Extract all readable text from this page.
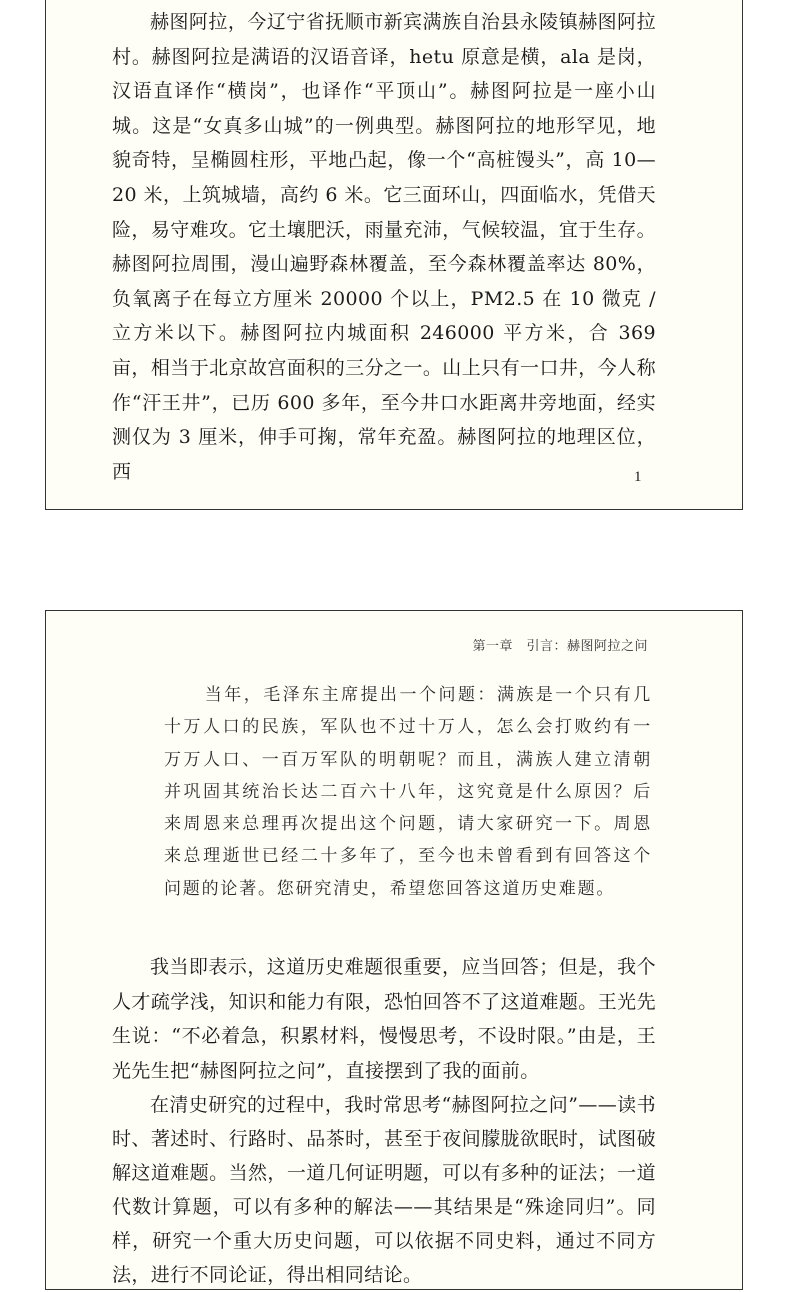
赫图阿拉，今辽宁省抚顺市新宾满族自治县永陵镇赫图阿拉村。赫图阿拉是满语的汉语音译，hetu 原意是横，ala 是岗，汉语直译作“横岗”，也译作“平顶山”。赫图阿拉是一座小山城。这是“女真多山城”的一例典型。赫图阿拉的地形罕见，地貌奇特，呈椭圆柱形，平地凸起，像一个“高桩馒头”，高 10—20 米，上筑城墙，高约 6 米。它三面环山，四面临水，凭借天险，易守难攻。它土壤肥沃，雨量充沛，气候较温，宜于生存。赫图阿拉周围，漫山遍野森林覆盖，至今森林覆盖率达 80%，负氧离子在每立方厘米 20000 个以上，PM2.5 在 10 微克 / 立方米以下。赫图阿拉内城面积 246000 平方米，合 369 亩，相当于北京故宫面积的三分之一。山上只有一口井，今人称作“汗王井”，已历 600 多年，至今井口水距离井旁地面，经实测仅为 3 厘米，伸手可掬，常年充盈。赫图阿拉的地理区位，西	1
第一章　引言：赫图阿拉之问

当年，毛泽东主席提出一个问题：满族是一个只有几十万人口的民族，军队也不过十万人，怎么会打败约有一万万人口、一百万军队的明朝呢？而且，满族人建立清朝并巩固其统治长达二百六十八年，这究竟是什么原因？后来周恩来总理再次提出这个问题，请大家研究一下。周恩来总理逝世已经二十多年了，至今也未曾看到有回答这个问题的论著。您研究清史，希望您回答这道历史难题。

我当即表示，这道历史难题很重要，应当回答；但是，我个人才疏学浅，知识和能力有限，恐怕回答不了这道难题。王光先生说：“不必着急，积累材料，慢慢思考，不设时限。”由是，王光先生把“赫图阿拉之问”，直接摆到了我的面前。

在清史研究的过程中，我时常思考“赫图阿拉之问”——读书时、著述时、行路时、品茶时，甚至于夜间朦胧欲眠时，试图破解这道难题。当然，一道几何证明题，可以有多种的证法；一道代数计算题，可以有多种的解法——其结果是“殊途同归”。同样，研究一个重大历史问题，可以依据不同史料，通过不同方法，进行不同论证，得出相同结论。
